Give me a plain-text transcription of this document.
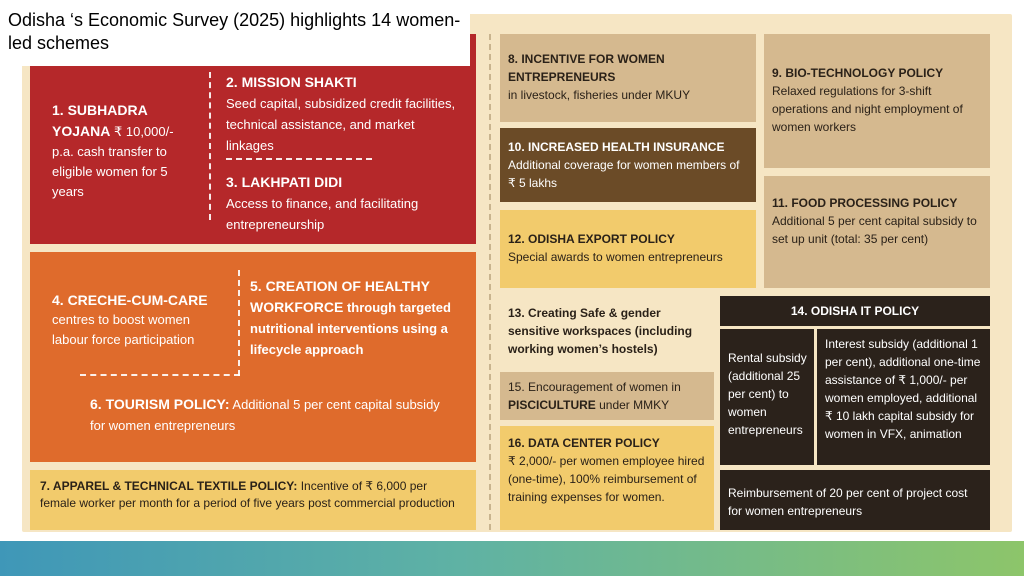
Odisha ‘s Economic Survey (2025) highlights 14 women-led schemes
1. SUBHADRA YOJANA ₹ 10,000/- p.a. cash transfer to eligible women for 5 years
2. MISSION SHAKTI
Seed capital, subsidized credit facilities, technical assistance, and market linkages
3. LAKHPATI DIDI
Access to finance, and facilitating entrepreneurship
4. CRECHE-CUM-CARE
centres to boost women labour force participation
5. CREATION OF HEALTHY WORKFORCE through targeted nutritional interventions using a lifecycle approach
6. TOURISM POLICY: Additional 5 per cent capital subsidy for women entrepreneurs
7. APPAREL & TECHNICAL TEXTILE POLICY: Incentive of ₹ 6,000 per female worker per month for a period of five years post commercial production
8. INCENTIVE FOR WOMEN ENTREPRENEURS
in livestock, fisheries under MKUY
10. INCREASED HEALTH INSURANCE
Additional coverage for women members of ₹ 5 lakhs
12. ODISHA EXPORT POLICY
Special awards to women entrepreneurs
13. Creating Safe & gender sensitive workspaces (including working women’s hostels)
15. Encouragement of women in PISCICULTURE under MMKY
16. DATA CENTER POLICY
₹ 2,000/- per women employee hired (one-time), 100% reimbursement of training expenses for women.
9. BIO-TECHNOLOGY POLICY
Relaxed regulations for 3-shift operations and night employment of women workers
11. FOOD PROCESSING POLICY
Additional 5 per cent capital subsidy to set up unit (total: 35 per cent)
14. ODISHA IT POLICY
Rental subsidy (additional 25 per cent) to women entrepreneurs
Interest subsidy (additional 1 per cent), additional one-time assistance of ₹ 1,000/- per women employed, additional ₹ 10 lakh capital subsidy for women in VFX, animation
Reimbursement of 20 per cent of project cost for women entrepreneurs
